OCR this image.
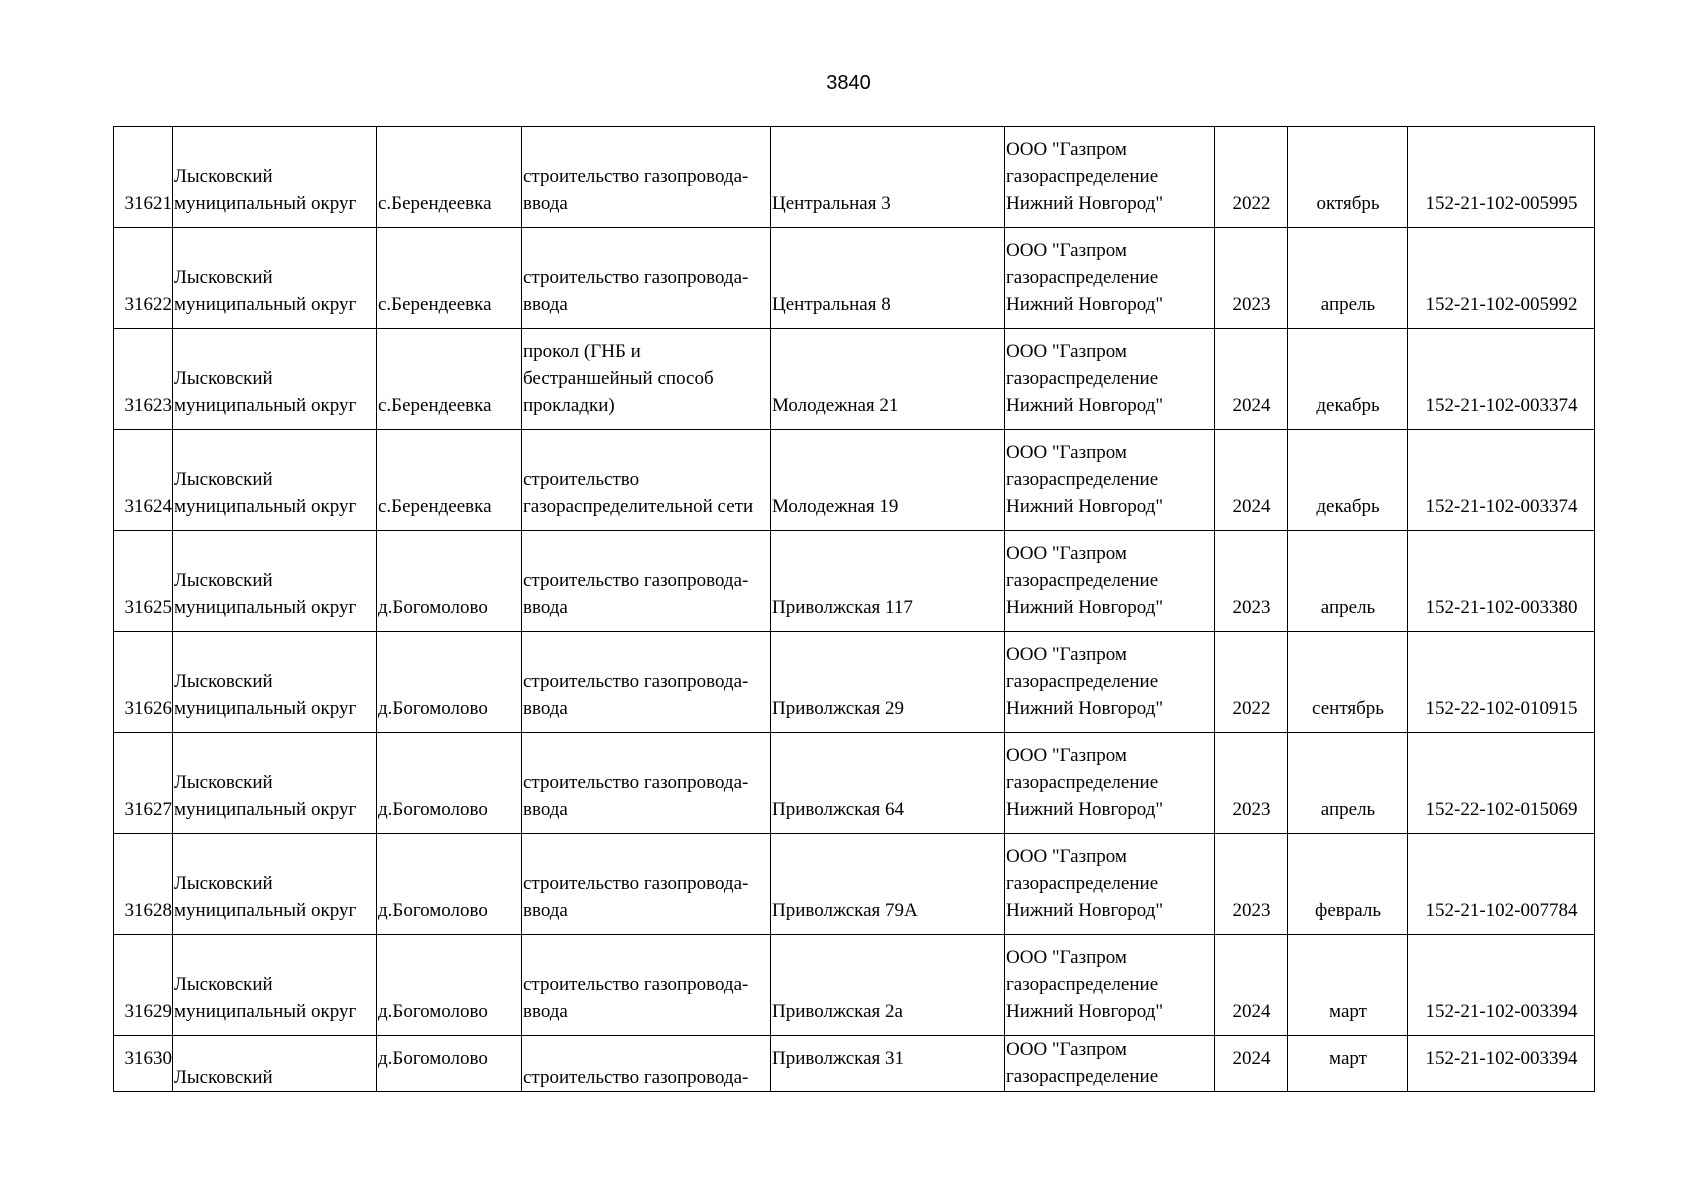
3840
31621	Лысковский муниципальный округ	с.Берендеевка	строительство газопровода-ввода	Центральная 3	ООО "Газпром газораспределение Нижний Новгород"	2022	октябрь	152-21-102-005995

31622	Лысковский муниципальный округ	с.Берендеевка	строительство газопровода-ввода	Центральная 8	ООО "Газпром газораспределение Нижний Новгород"	2023	апрель	152-21-102-005992

31623	Лысковский муниципальный округ	с.Берендеевка	прокол (ГНБ и бестраншейный способ прокладки)	Молодежная 21	ООО "Газпром газораспределение Нижний Новгород"	2024	декабрь	152-21-102-003374

31624	Лысковский муниципальный округ	с.Берендеевка	строительство газораспределительной сети	Молодежная 19	ООО "Газпром газораспределение Нижний Новгород"	2024	декабрь	152-21-102-003374

31625	Лысковский муниципальный округ	д.Богомолово	строительство газопровода-ввода	Приволжская 117	ООО "Газпром газораспределение Нижний Новгород"	2023	апрель	152-21-102-003380

31626	Лысковский муниципальный округ	д.Богомолово	строительство газопровода-ввода	Приволжская 29	ООО "Газпром газораспределение Нижний Новгород"	2022	сентябрь	152-22-102-010915

31627	Лысковский муниципальный округ	д.Богомолово	строительство газопровода-ввода	Приволжская 64	ООО "Газпром газораспределение Нижний Новгород"	2023	апрель	152-22-102-015069

31628	Лысковский муниципальный округ	д.Богомолово	строительство газопровода-ввода	Приволжская 79А	ООО "Газпром газораспределение Нижний Новгород"	2023	февраль	152-21-102-007784

31629	Лысковский муниципальный округ	д.Богомолово	строительство газопровода-ввода	Приволжская 2а	ООО "Газпром газораспределение Нижний Новгород"	2024	март	152-21-102-003394

31630	Лысковский	д.Богомолово	строительство газопровода-	Приволжская 31	ООО "Газпром газораспределение	2024	март	152-21-102-003394
